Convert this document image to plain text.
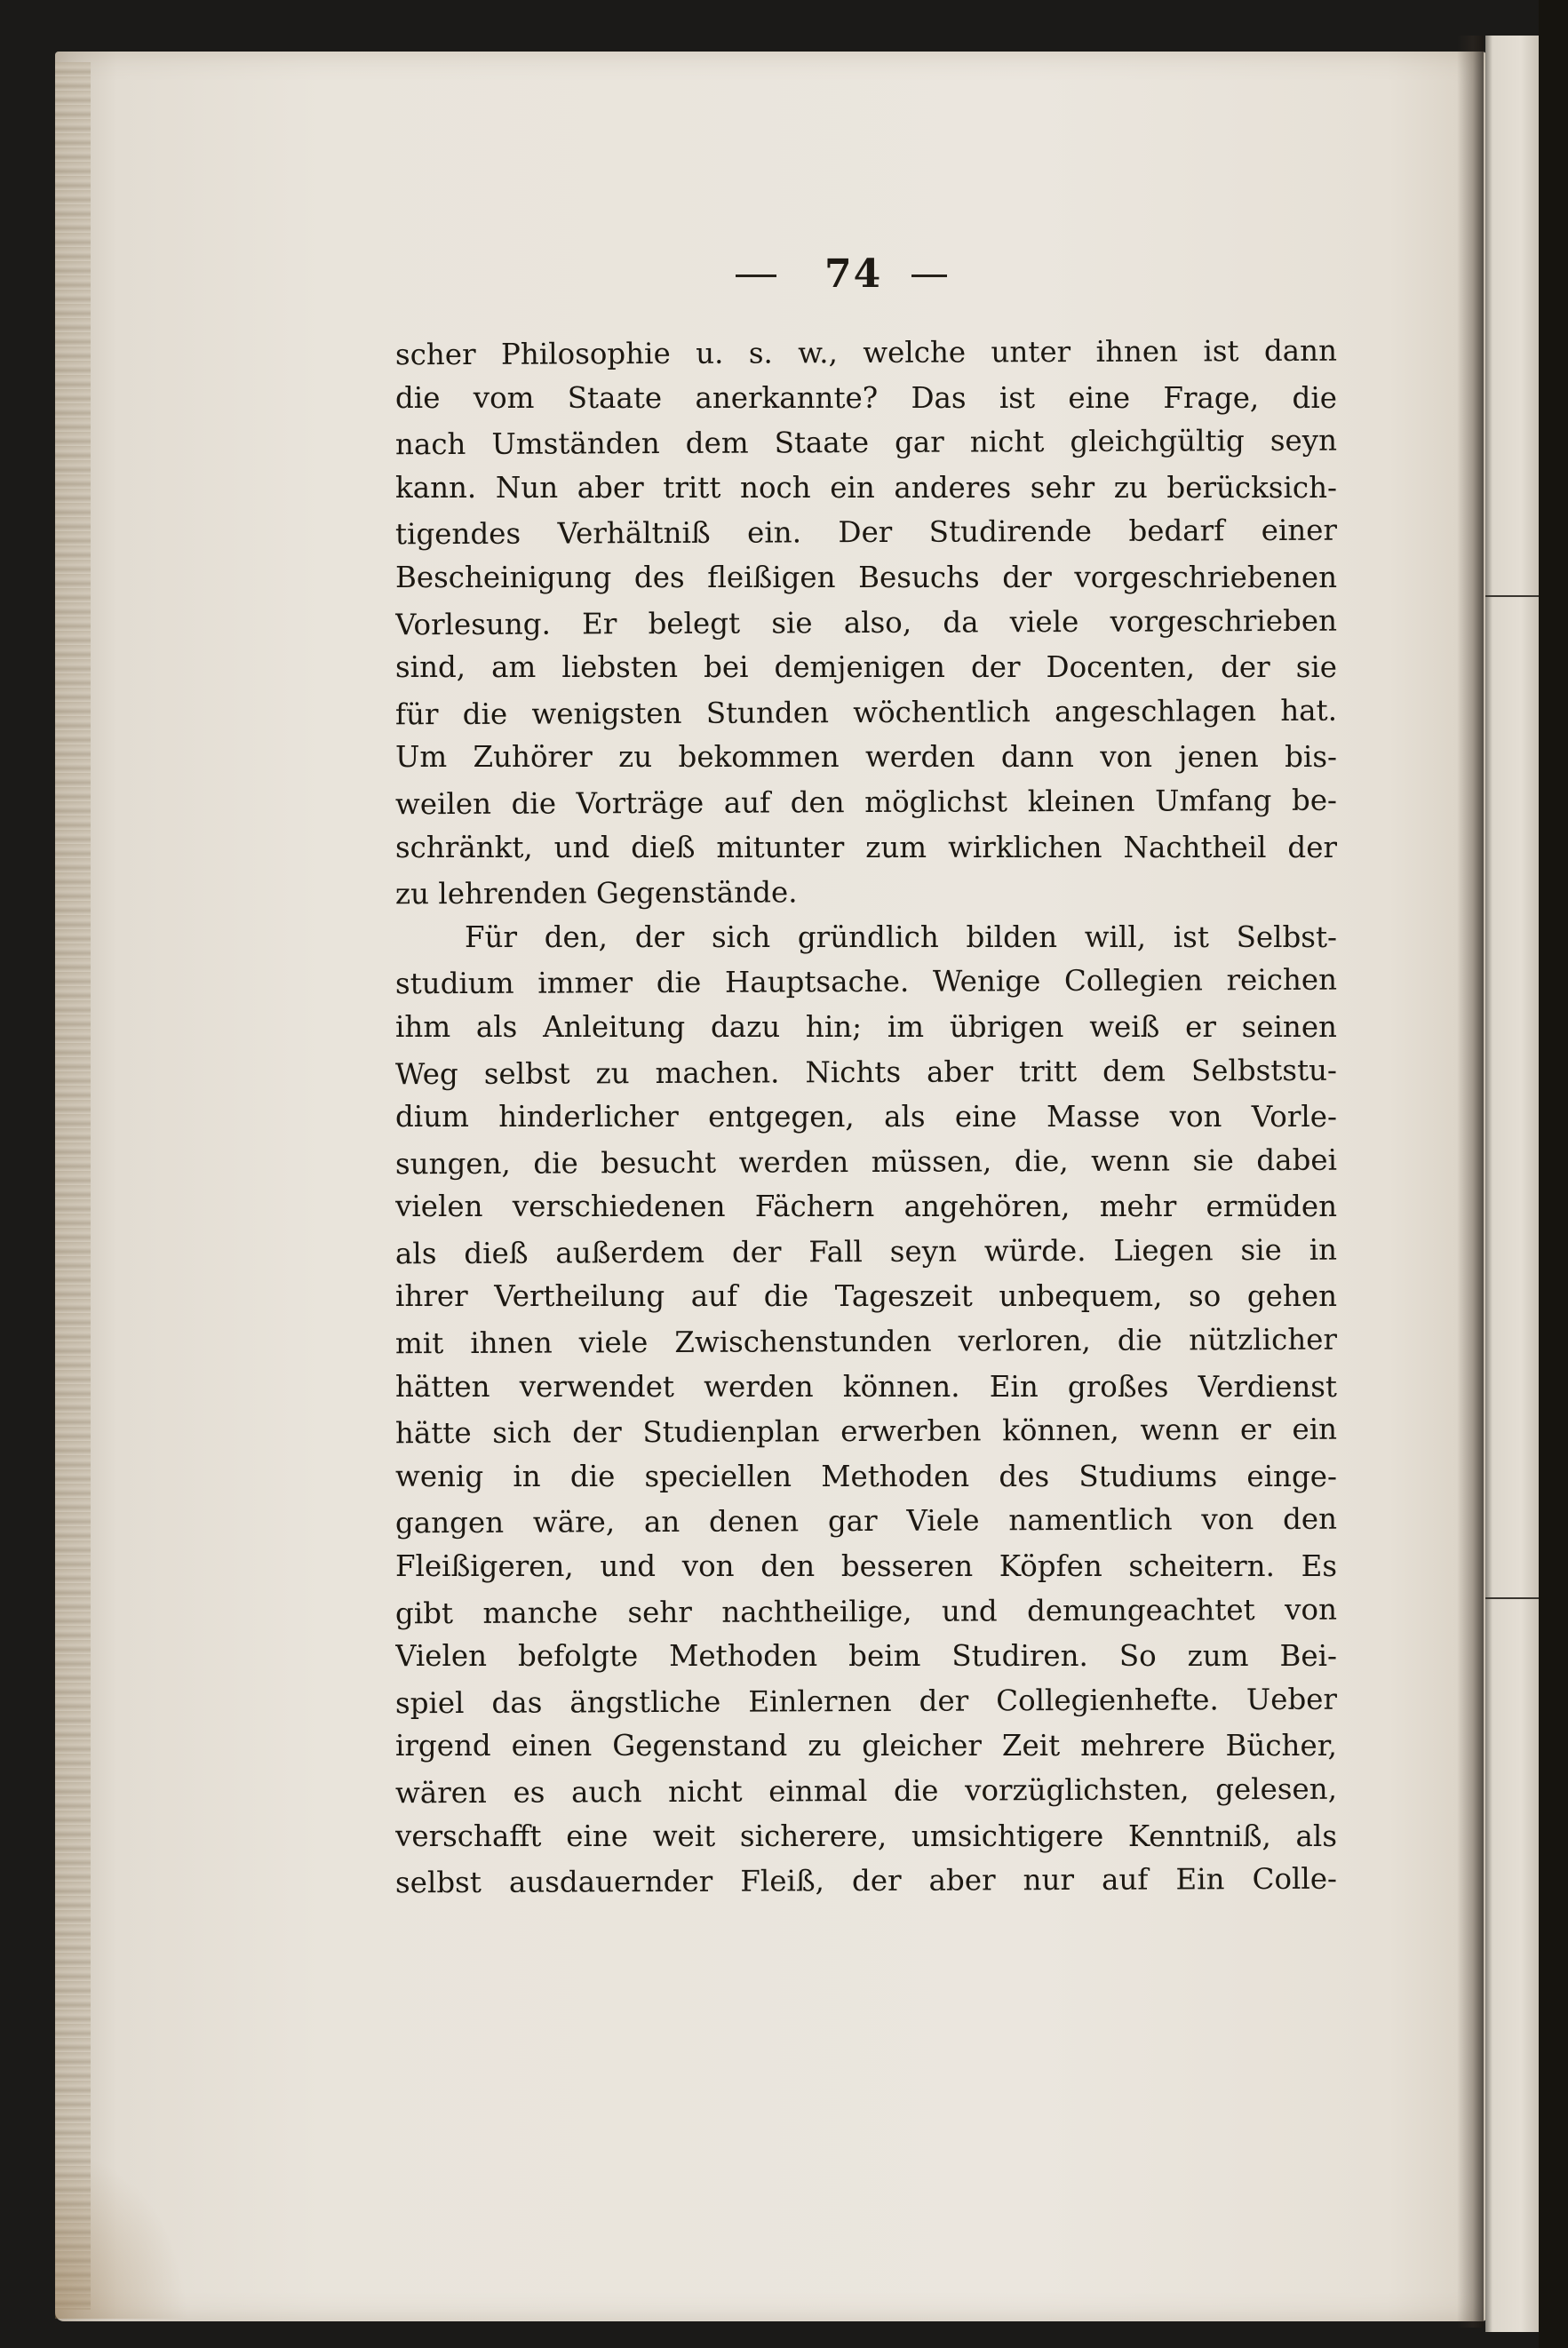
74
scher Philosophie u. s. w., welche unter ihnen ist dann
die vom Staate anerkannte? Das ist eine Frage, die
nach Umständen dem Staate gar nicht gleichgültig seyn
kann. Nun aber tritt noch ein anderes sehr zu berücksich-
tigendes Verhältniß ein. Der Studirende bedarf einer
Bescheinigung des fleißigen Besuchs der vorgeschriebenen
Vorlesung. Er belegt sie also, da viele vorgeschrieben
sind, am liebsten bei demjenigen der Docenten, der sie
für die wenigsten Stunden wöchentlich angeschlagen hat.
Um Zuhörer zu bekommen werden dann von jenen bis-
weilen die Vorträge auf den möglichst kleinen Umfang be-
schränkt, und dieß mitunter zum wirklichen Nachtheil der
zu lehrenden Gegenstände.
Für den, der sich gründlich bilden will, ist Selbst-
studium immer die Hauptsache. Wenige Collegien reichen
ihm als Anleitung dazu hin; im übrigen weiß er seinen
Weg selbst zu machen. Nichts aber tritt dem Selbststu-
dium hinderlicher entgegen, als eine Masse von Vorle-
sungen, die besucht werden müssen, die, wenn sie dabei
vielen verschiedenen Fächern angehören, mehr ermüden
als dieß außerdem der Fall seyn würde. Liegen sie in
ihrer Vertheilung auf die Tageszeit unbequem, so gehen
mit ihnen viele Zwischenstunden verloren, die nützlicher
hätten verwendet werden können. Ein großes Verdienst
hätte sich der Studienplan erwerben können, wenn er ein
wenig in die speciellen Methoden des Studiums einge-
gangen wäre, an denen gar Viele namentlich von den
Fleißigeren, und von den besseren Köpfen scheitern. Es
gibt manche sehr nachtheilige, und demungeachtet von
Vielen befolgte Methoden beim Studiren. So zum Bei-
spiel das ängstliche Einlernen der Collegienhefte. Ueber
irgend einen Gegenstand zu gleicher Zeit mehrere Bücher,
wären es auch nicht einmal die vorzüglichsten, gelesen,
verschafft eine weit sicherere, umsichtigere Kenntniß, als
selbst ausdauernder Fleiß, der aber nur auf Ein Colle-
